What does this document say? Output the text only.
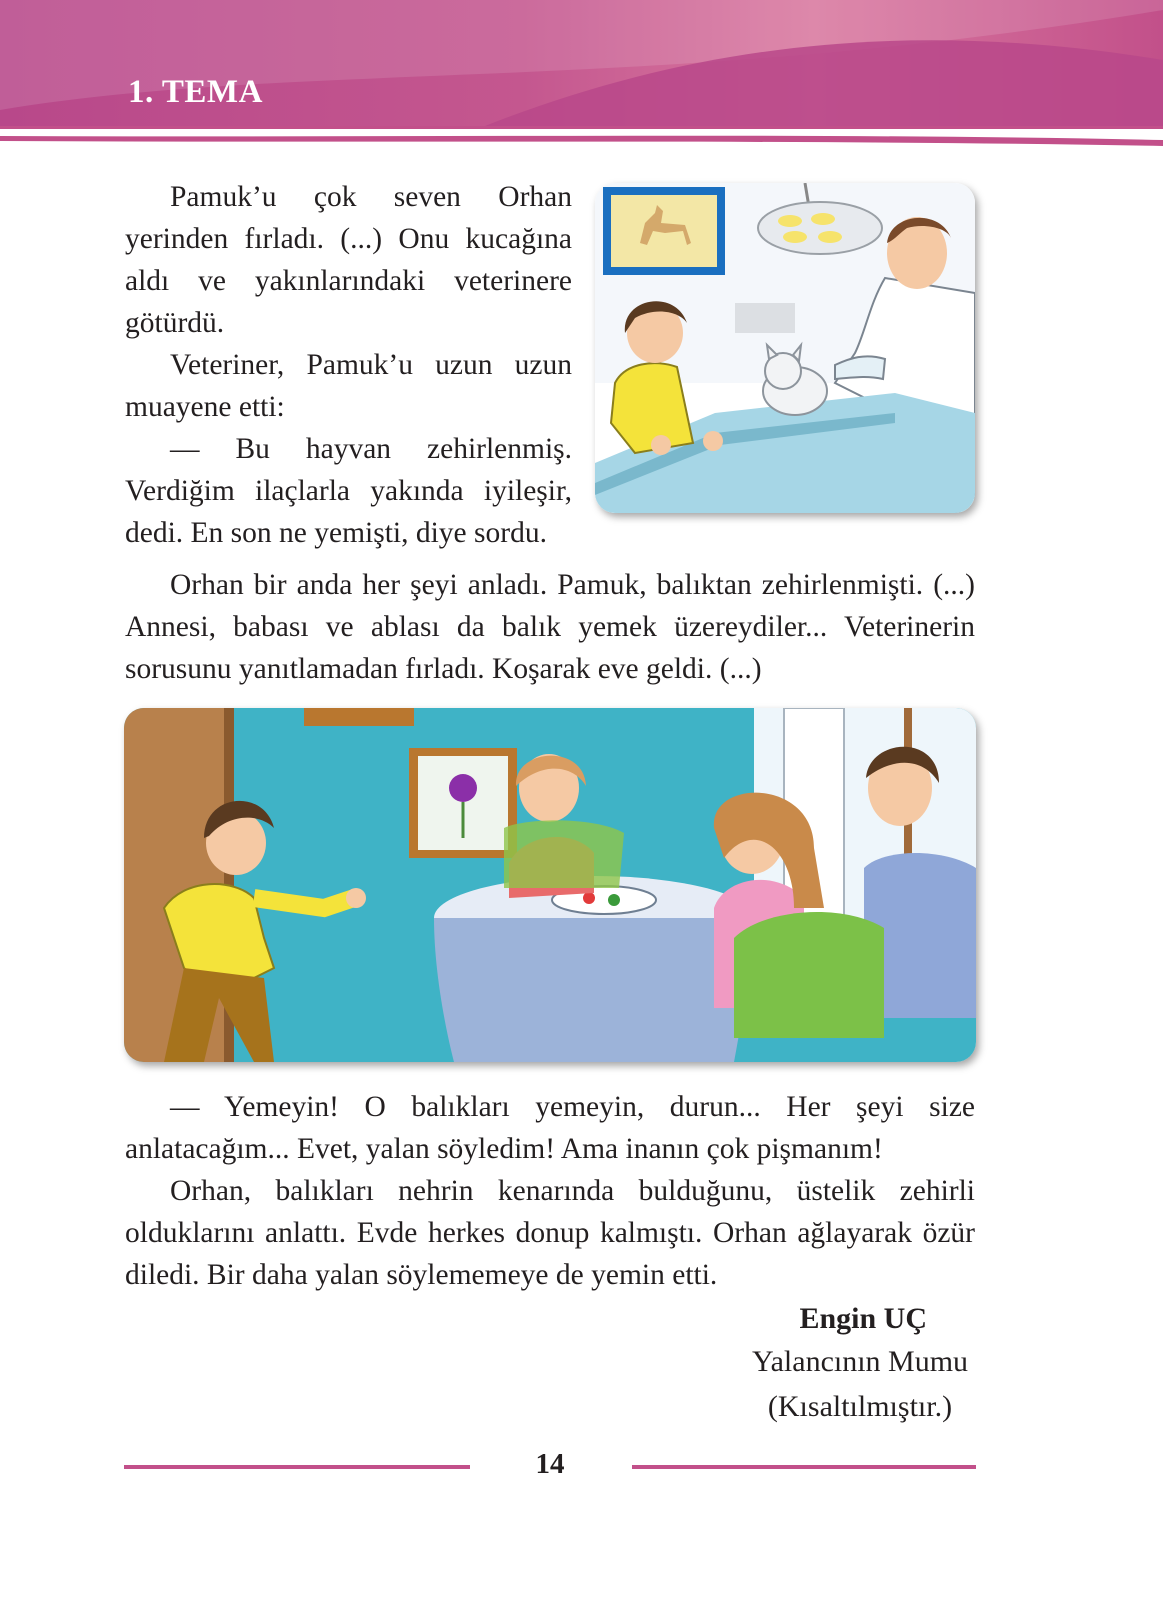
1. TEMA

Pamuk’u çok seven Orhan yerinden fırladı. (...) Onu kucağına aldı ve yakınlarındaki veterinere götürdü.

Veteriner, Pamuk’u uzun uzun muayene etti:

— Bu hayvan zehirlenmiş. Verdiğim ilaçlarla yakında iyileşir, dedi. En son ne yemişti, diye sordu.

Orhan bir anda her şeyi anladı. Pamuk, balıktan zehirlenmişti. (...) Annesi, babası ve ablası da balık yemek üzereydiler... Veterinerin sorusunu yanıtlamadan fırladı. Koşarak eve geldi. (...)

— Yemeyin! O balıkları yemeyin, durun... Her şeyi size anlatacağım... Evet, yalan söyledim! Ama inanın çok pişmanım!

Orhan, balıkları nehrin kenarında bulduğunu, üstelik zehirli olduklarını anlattı. Evde herkes donup kalmıştı. Orhan ağlayarak özür diledi. Bir daha yalan söylememeye de yemin etti.

Engin UÇ
Yalancının Mumu
(Kısaltılmıştır.)
14
